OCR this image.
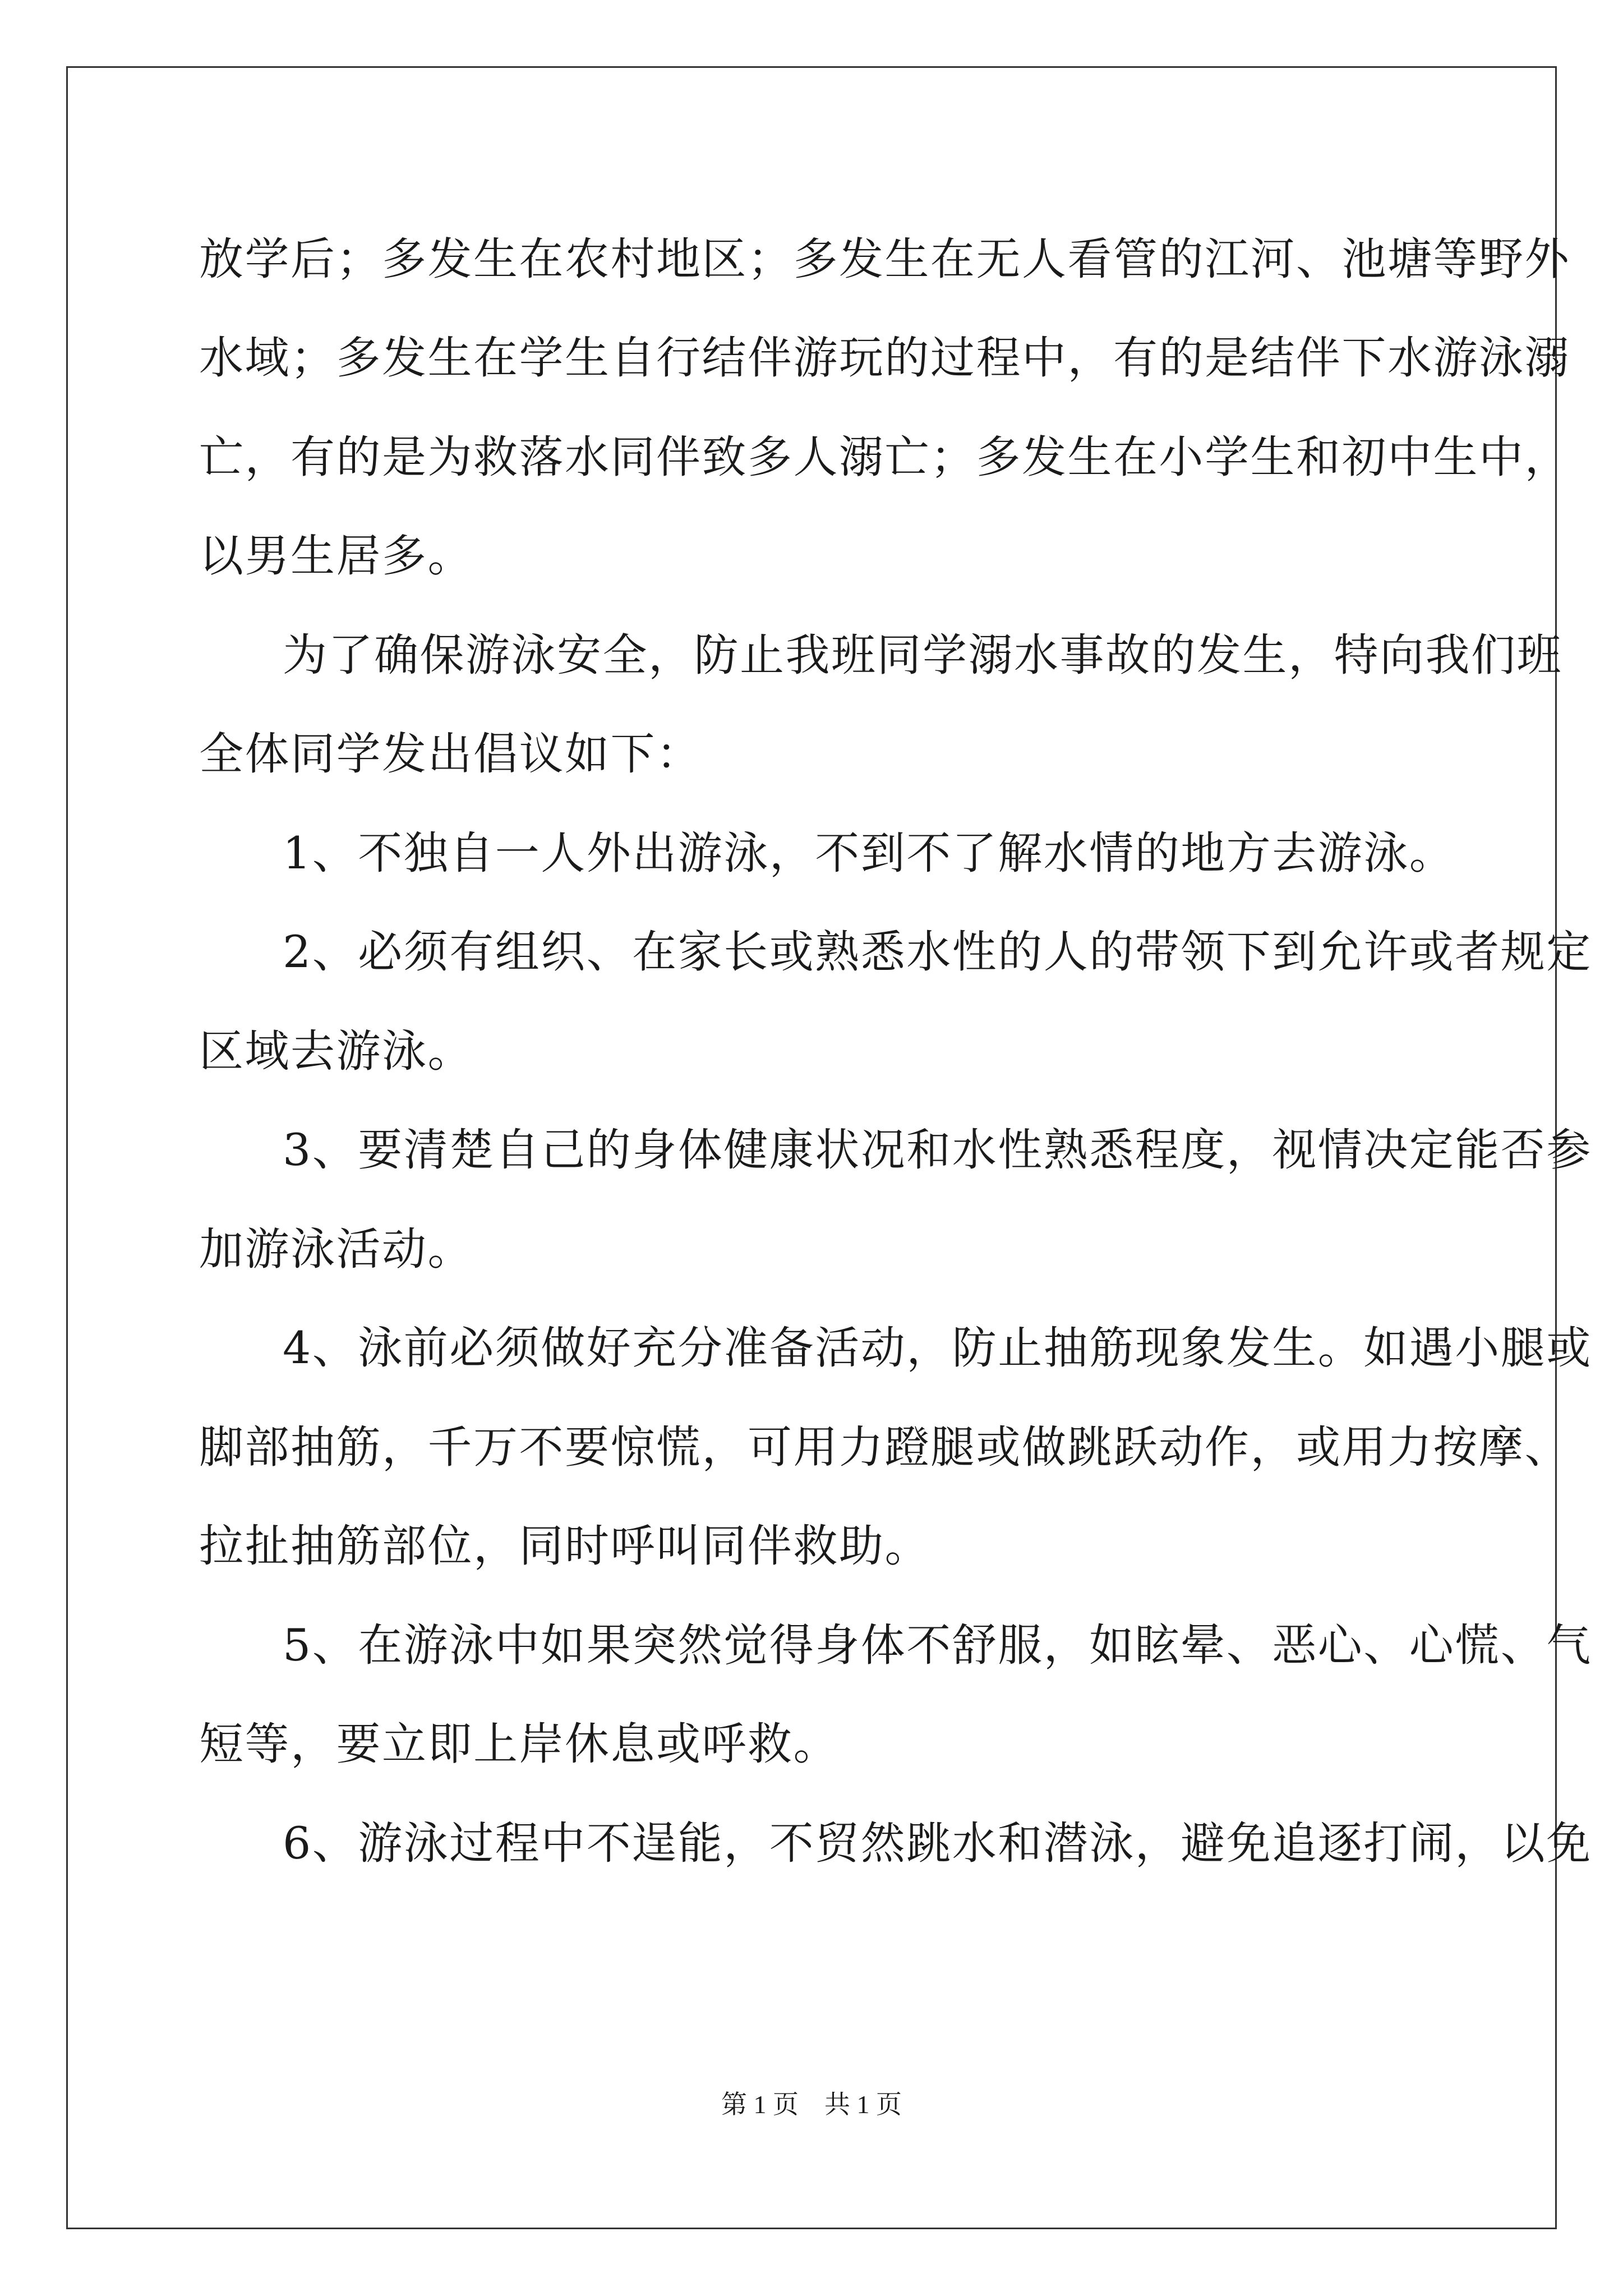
放学后；多发生在农村地区；多发生在无人看管的江河、池塘等野外
水域；多发生在学生自行结伴游玩的过程中，有的是结伴下水游泳溺
亡，有的是为救落水同伴致多人溺亡；多发生在小学生和初中生中，
以男生居多。
为了确保游泳安全，防止我班同学溺水事故的发生，特向我们班
全体同学发出倡议如下：
1、不独自一人外出游泳，不到不了解水情的地方去游泳。
2、必须有组织、在家长或熟悉水性的人的带领下到允许或者规定
区域去游泳。
3、要清楚自己的身体健康状况和水性熟悉程度，视情决定能否参
加游泳活动。
4、泳前必须做好充分准备活动，防止抽筋现象发生。如遇小腿或
脚部抽筋，千万不要惊慌，可用力蹬腿或做跳跃动作，或用力按摩、
拉扯抽筋部位，同时呼叫同伴救助。
5、在游泳中如果突然觉得身体不舒服，如眩晕、恶心、心慌、气
短等，要立即上岸休息或呼救。
6、游泳过程中不逞能，不贸然跳水和潜泳，避免追逐打闹，以免
第 1 页　共 1 页
